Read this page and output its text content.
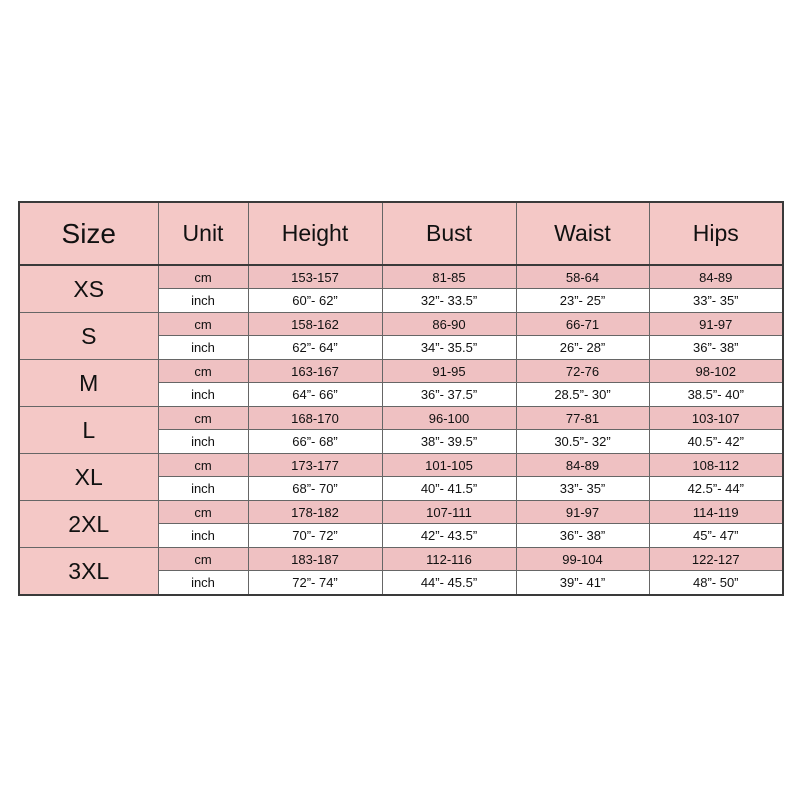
Size	Unit	Height	Bust	Waist	Hips
XS	cm	153-157	81-85	58-64	84-89
	inch	60”- 62”	32”- 33.5”	23”- 25”	33”- 35”
S	cm	158-162	86-90	66-71	91-97
	inch	62”- 64”	34”- 35.5”	26”- 28”	36”- 38”
M	cm	163-167	91-95	72-76	98-102
	inch	64”- 66”	36”- 37.5”	28.5”- 30”	38.5”- 40”
L	cm	168-170	96-100	77-81	103-107
	inch	66”- 68”	38”- 39.5”	30.5”- 32”	40.5”- 42”
XL	cm	173-177	101-105	84-89	108-112
	inch	68”- 70”	40”- 41.5”	33”- 35”	42.5”- 44”
2XL	cm	178-182	107-111	91-97	114-119
	inch	70”- 72”	42”- 43.5”	36”- 38”	45”- 47”
3XL	cm	183-187	112-116	99-104	122-127
	inch	72”- 74”	44”- 45.5”	39”- 41”	48”- 50”
